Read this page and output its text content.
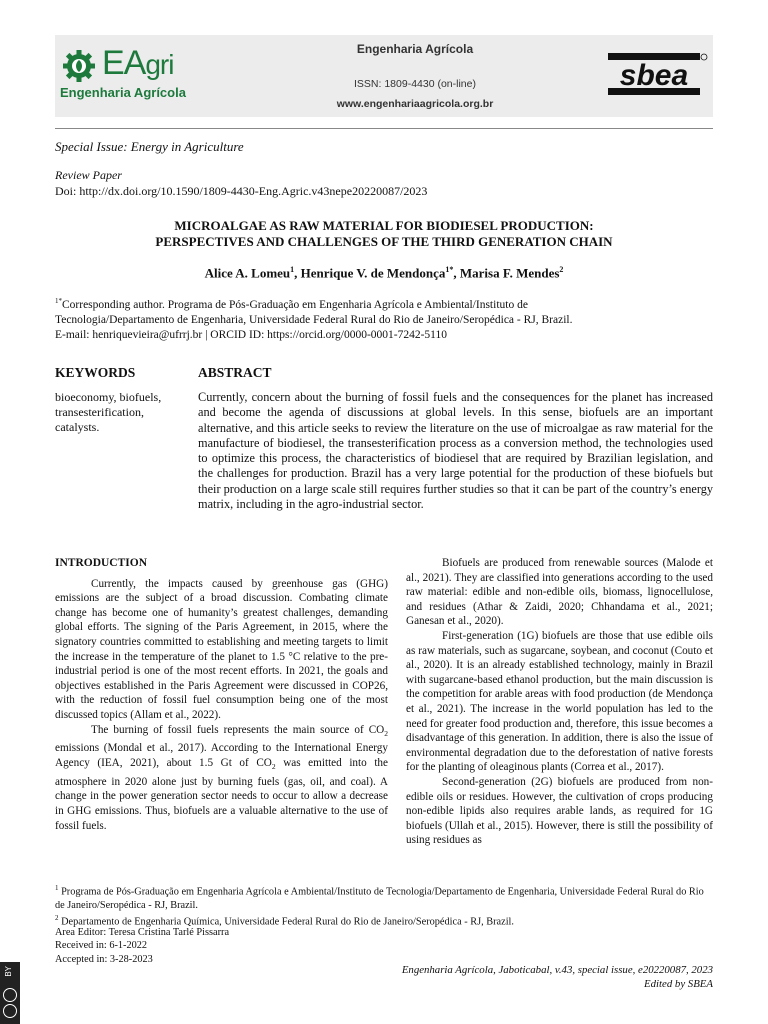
EAgri
Engenharia Agrícola
Engenharia Agrícola
ISSN: 1809-4430 (on-line)
www.engenhariaagricola.org.br
sbea
Special Issue: Energy in Agriculture
Review Paper
Doi: http://dx.doi.org/10.1590/1809-4430-Eng.Agric.v43nepe20220087/2023
MICROALGAE AS RAW MATERIAL FOR BIODIESEL PRODUCTION:
PERSPECTIVES AND CHALLENGES OF THE THIRD GENERATION CHAIN
Alice A. Lomeu$^1$, Henrique V. de Mendonça$^{1*}$, Marisa F. Mendes$^2$
$^{1*}$Corresponding author. Programa de Pós-Graduação em Engenharia Agrícola e Ambiental/Instituto de
Tecnologia/Departamento de Engenharia, Universidade Federal Rural do Rio de Janeiro/Seropédica - RJ, Brazil.
E-mail: henriquevieira@ufrrj.br | ORCID ID: https://orcid.org/0000-0001-7242-5110
KEYWORDS
bioeconomy, biofuels, transesterification, catalysts.
ABSTRACT
Currently, concern about the burning of fossil fuels and the consequences for the planet has increased and become the agenda of discussions at global levels. In this sense, biofuels are an important alternative, and this article seeks to review the literature on the use of microalgae as raw material for the manufacture of biodiesel, the transesterification process as a conversion method, the technologies used to optimize this process, the characteristics of biodiesel that are required by Brazilian legislation, and the challenges for production. Brazil has a very large potential for the production of these biofuels but their production on a large scale still requires further studies so that it can be part of the country’s energy matrix, including in the agro-industrial sector.
INTRODUCTION

Currently, the impacts caused by greenhouse gas (GHG) emissions are the subject of a broad discussion. Combating climate change has become one of humanity’s greatest challenges, demanding global efforts. The signing of the Paris Agreement, in 2015, where the signatory countries committed to establishing and meeting targets to limit the increase in the temperature of the planet to 1.5 °C relative to the pre-industrial period is one of the most recent efforts. In 2021, the goals and objectives established in the Paris Agreement were discussed in COP26, with the reduction of fossil fuel consumption being one of the most discussed topics (Allam et al., 2022).

The burning of fossil fuels represents the main source of $CO_2$ emissions (Mondal et al., 2017). According to the International Energy Agency (IEA, 2021), about 1.5 Gt of $CO_2$ was emitted into the atmosphere in 2020 alone just by burning fuels (gas, oil, and coal). A change in the power generation sector needs to occur to allow a decrease in GHG emissions. Thus, biofuels are a valuable alternative to the use of fossil fuels.

Biofuels are produced from renewable sources (Malode et al., 2021). They are classified into generations according to the used raw material: edible and non-edible oils, biomass, lignocellulose, and residues (Athar & Zaidi, 2020; Chhandama et al., 2021; Ganesan et al., 2020).

First-generation (1G) biofuels are those that use edible oils as raw materials, such as sugarcane, soybean, and coconut (Couto et al., 2020). It is an already established technology, mainly in Brazil with sugarcane-based ethanol production, but the main discussion is the competition for arable areas with food production (de Mendonça et al., 2021). The increase in the world population has led to the need for greater food production and, therefore, this issue becomes a disadvantage of this generation. In addition, there is also the issue of environmental degradation due to the deforestation of native forests for the planting of oleaginous plants (Correa et al., 2017).

Second-generation (2G) biofuels are produced from non-edible oils or residues. However, the cultivation of crops producing non-edible lipids also requires arable lands, as required for 1G biofuels (Ullah et al., 2015). However, there is still the possibility of using residues as

$^1$ Programa de Pós-Graduação em Engenharia Agrícola e Ambiental/Instituto de Tecnologia/Departamento de Engenharia, Universidade Federal Rural do Rio de Janeiro/Seropédica - RJ, Brazil.
$^2$ Departamento de Engenharia Química, Universidade Federal Rural do Rio de Janeiro/Seropédica - RJ, Brazil.
Area Editor: Teresa Cristina Tarlé Pissarra
Received in: 6-1-2022
Accepted in: 3-28-2023
Engenharia Agrícola, Jaboticabal, v.43, special issue, e20220087, 2023
Edited by SBEA
BY
